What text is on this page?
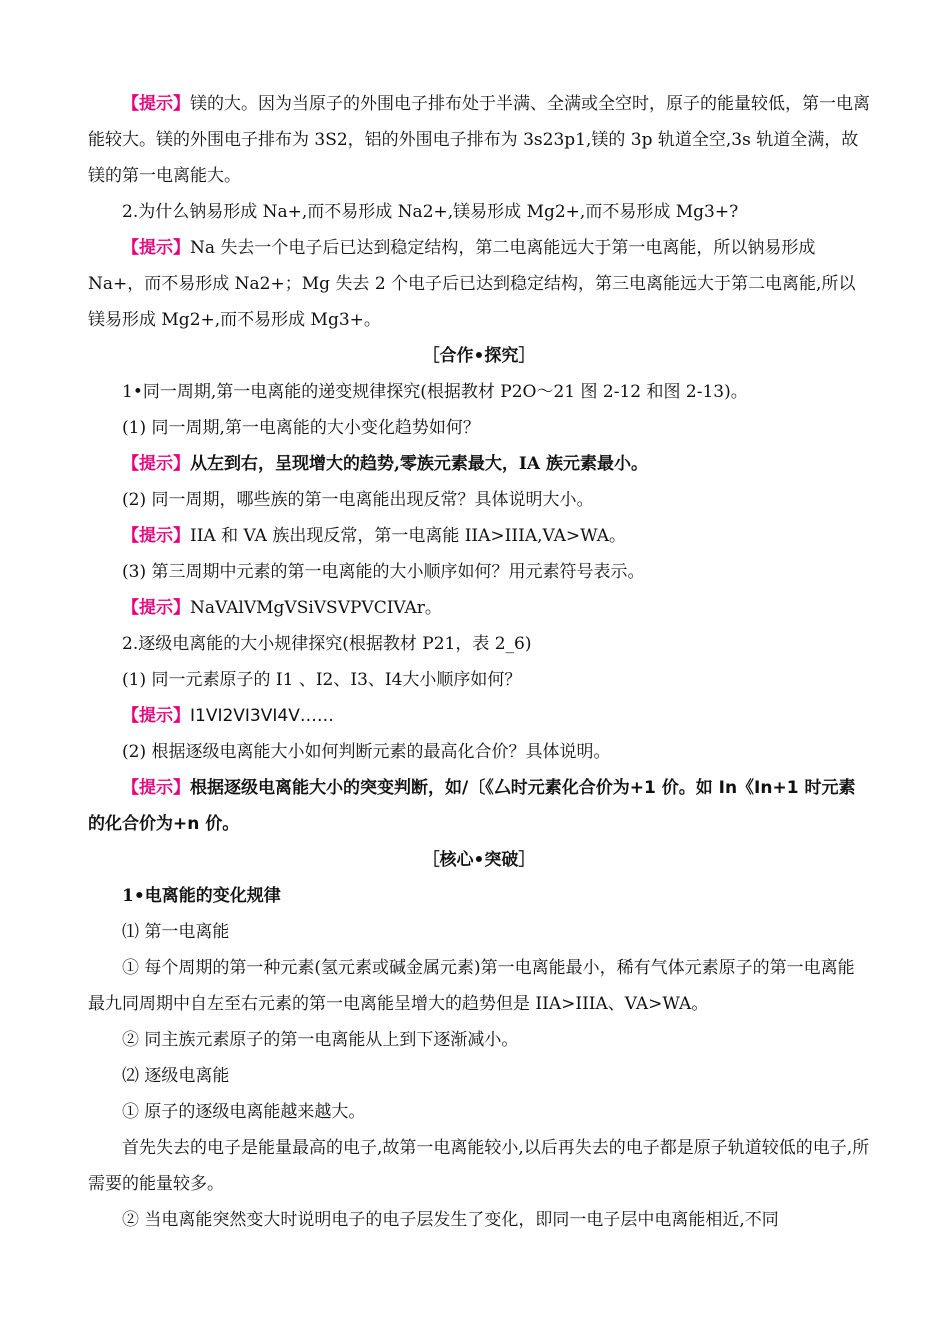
【提示】镁的大。因为当原子的外围电子排布处于半满、全满或全空时，原子的能量较低，第一电离能较大。镁的外围电子排布为 3S2，铝的外围电子排布为 3s23p1,镁的 3p 轨道全空,3s 轨道全满，故镁的第一电离能大。

2.为什么钠易形成 Na+,而不易形成 Na2+,镁易形成 Mg2+,而不易形成 Mg3+?

【提示】Na 失去一个电子后已达到稳定结构，第二电离能远大于第一电离能，所以钠易形成 Na+，而不易形成 Na2+；Mg 失去 2 个电子后已达到稳定结构，第三电离能远大于第二电离能,所以镁易形成 Mg2+,而不易形成 Mg3+。

［合作•探究］

1•同一周期,第一电离能的递变规律探究(根据教材 P2O〜21 图 2-12 和图 2-13)。

(1) 同一周期,第一电离能的大小变化趋势如何？

【提示】从左到右，呈现增大的趋势,零族元素最大，ⅠA 族元素最小。

(2) 同一周期，哪些族的第一电离能出现反常？具体说明大小。

【提示】IIA 和 VA 族出现反常，第一电离能 IIA>IIIA,VA>WA。

(3) 第三周期中元素的第一电离能的大小顺序如何？用元素符号表示。

【提示】NaVAlVMgVSiVSVPVCIVAr。

2.逐级电离能的大小规律探究(根据教材 P21，表 2_6)

(1) 同一元素原子的 I1 、I2、I3、I4大小顺序如何？

【提示】I1VI2VI3VI4V……

(2) 根据逐级电离能大小如何判断元素的最高化合价？具体说明。

【提示】根据逐级电离能大小的突变判断，如/〔《厶时元素化合价为+1 价。如 In《In+1 时元素的化合价为+n 价。

［核心•突破］

1•电离能的变化规律

⑴ 第一电离能

① 每个周期的第一种元素(氢元素或碱金属元素)第一电离能最小，稀有气体元素原子的第一电离能最九同周期中自左至右元素的第一电离能呈增大的趋势但是 IIA>IIIA、VA>WA。

② 同主族元素原子的第一电离能从上到下逐渐减小。

⑵ 逐级电离能

① 原子的逐级电离能越来越大。

首先失去的电子是能量最高的电子,故第一电离能较小,以后再失去的电子都是原子轨道较低的电子,所需要的能量较多。

② 当电离能突然变大时说明电子的电子层发生了变化，即同一电子层中电离能相近,不同
